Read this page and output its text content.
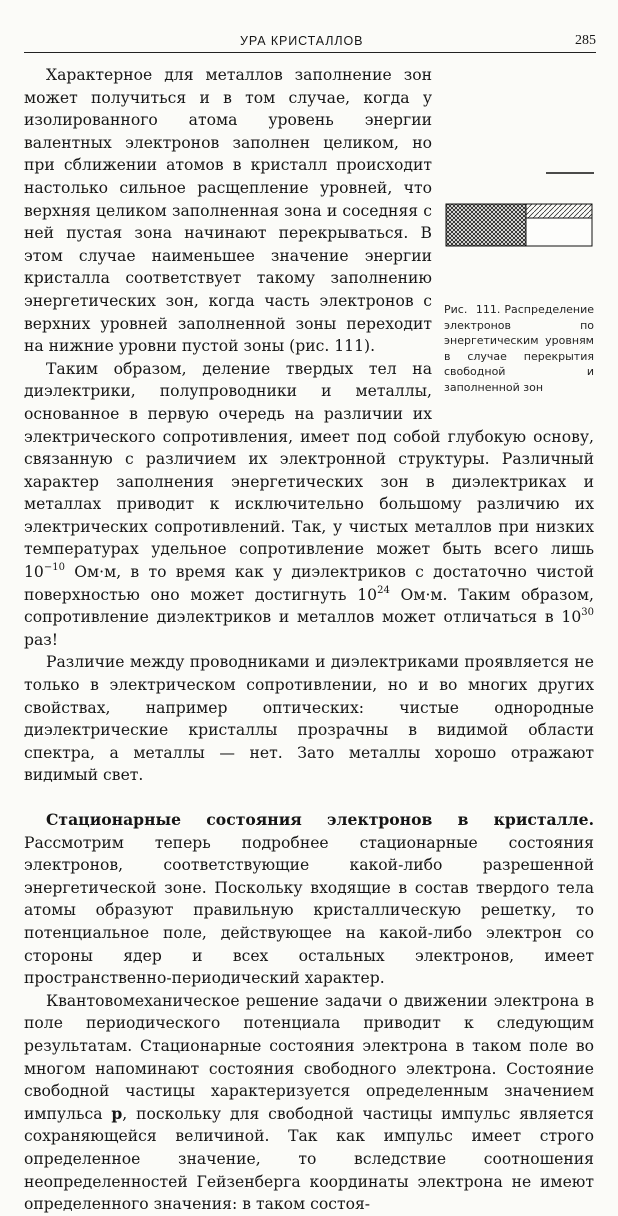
УРА КРИСТАЛЛОВ	285
Рис. 111. Распределение электронов по энергетическим уровням в случае перекрытия свободной и заполненной зон

Характерное для металлов заполнение зон может получиться и в том случае, когда у изолированного атома уровень энергии валентных электронов заполнен целиком, но при сближении атомов в кристалл происходит настолько сильное расщепление уровней, что верхняя целиком заполненная зона и соседняя с ней пустая зона начинают перекрываться. В этом случае наименьшее значение энергии кристалла соответствует такому заполнению энергетических зон, когда часть электронов с верхних уровней заполненной зоны переходит на нижние уровни пустой зоны (рис. 111).

Таким образом, деление твердых тел на диэлектрики, полупроводники и металлы, основанное в первую очередь на различии их электрического сопротивления, имеет под собой глубокую основу, связанную с различием их электронной структуры. Различный характер заполнения энергетических зон в диэлектриках и металлах приводит к исключительно большому различию их электрических сопротивлений. Так, у чистых металлов при низких температурах удельное сопротивление может быть всего лишь $10^{-10}$ Ом·м, в то время как у диэлектриков с достаточно чистой поверхностью оно может достигнуть $10^{24}$ Ом·м. Таким образом, сопротивление диэлектриков и металлов может отличаться в $10^{30}$ раз!

Различие между проводниками и диэлектриками проявляется не только в электрическом сопротивлении, но и во многих других свойствах, например оптических: чистые однородные диэлектрические кристаллы прозрачны в видимой области спектра, а металлы — нет. Зато металлы хорошо отражают видимый свет.

Стационарные состояния электронов в кристалле. Рассмотрим теперь подробнее стационарные состояния электронов, соответствующие какой-либо разрешенной энергетической зоне. Поскольку входящие в состав твердого тела атомы образуют правильную кристаллическую решетку, то потенциальное поле, действующее на какой-либо электрон со стороны ядер и всех остальных электронов, имеет пространственно-периодический характер.

Квантовомеханическое решение задачи о движении электрона в поле периодического потенциала приводит к следующим результатам. Стационарные состояния электрона в таком поле во многом напоминают состояния свободного электрона. Состояние свободной частицы характеризуется определенным значением импульса p, поскольку для свободной частицы импульс является сохраняющейся величиной. Так как импульс имеет строго определенное значение, то вследствие соотношения неопределенностей Гейзенберга координаты электрона не имеют определенного значения: в таком состоя-
